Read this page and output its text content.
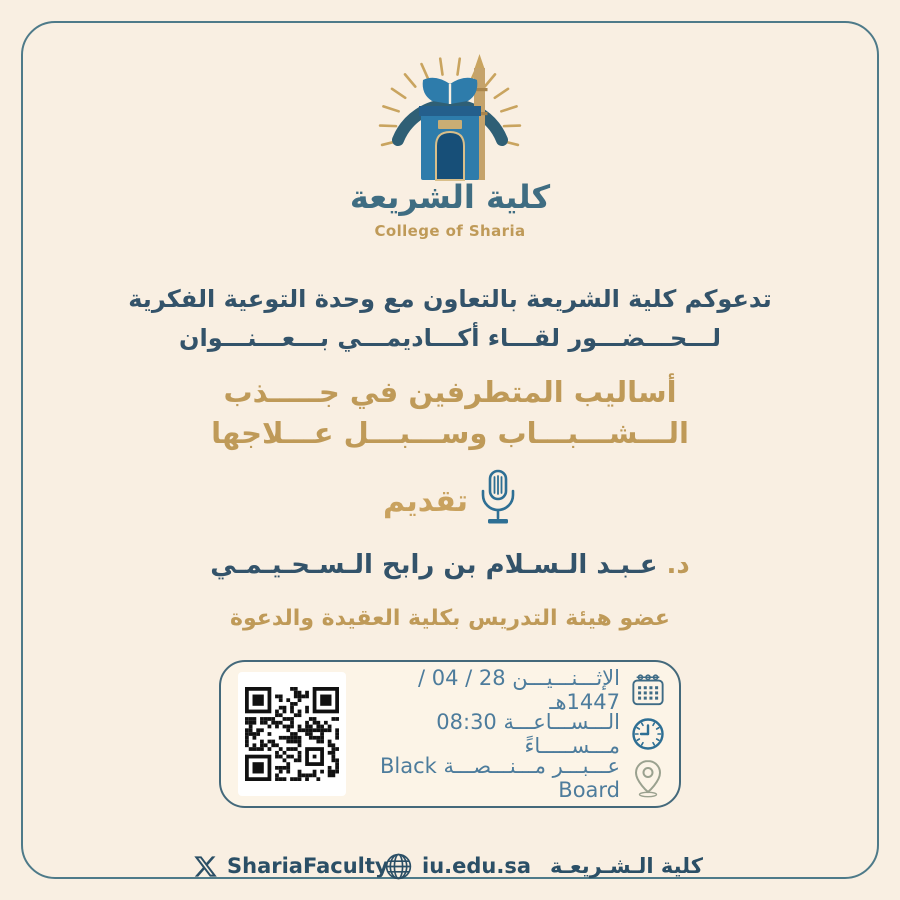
كلية الشريعة
College of Sharia
تدعوكم كلية الشريعة بالتعاون مع وحدة التوعية الفكرية
لـــحـــضـــور لقـــاء أكـــاديمـــي بـــعـــنـــوان
أساليب المتطرفين في جـــــذب
الـــشـــبـــاب وســـبـــل عـــلاجها
تقديم
د.
عـبـد الـسـلام بن رابح الـسـحـيـمـي
عضو هيئة التدريس بكلية العقيدة والدعوة
الإثـــنـــيـــن 28 / 04 / 1447هـ
الـــســـاعـــة 08:30 مـــســـــاءً
عـــبـــر مـــنـــصـــة Black Board
ShariaFaculty iu.edu.sa كلية الـشـريعـة
